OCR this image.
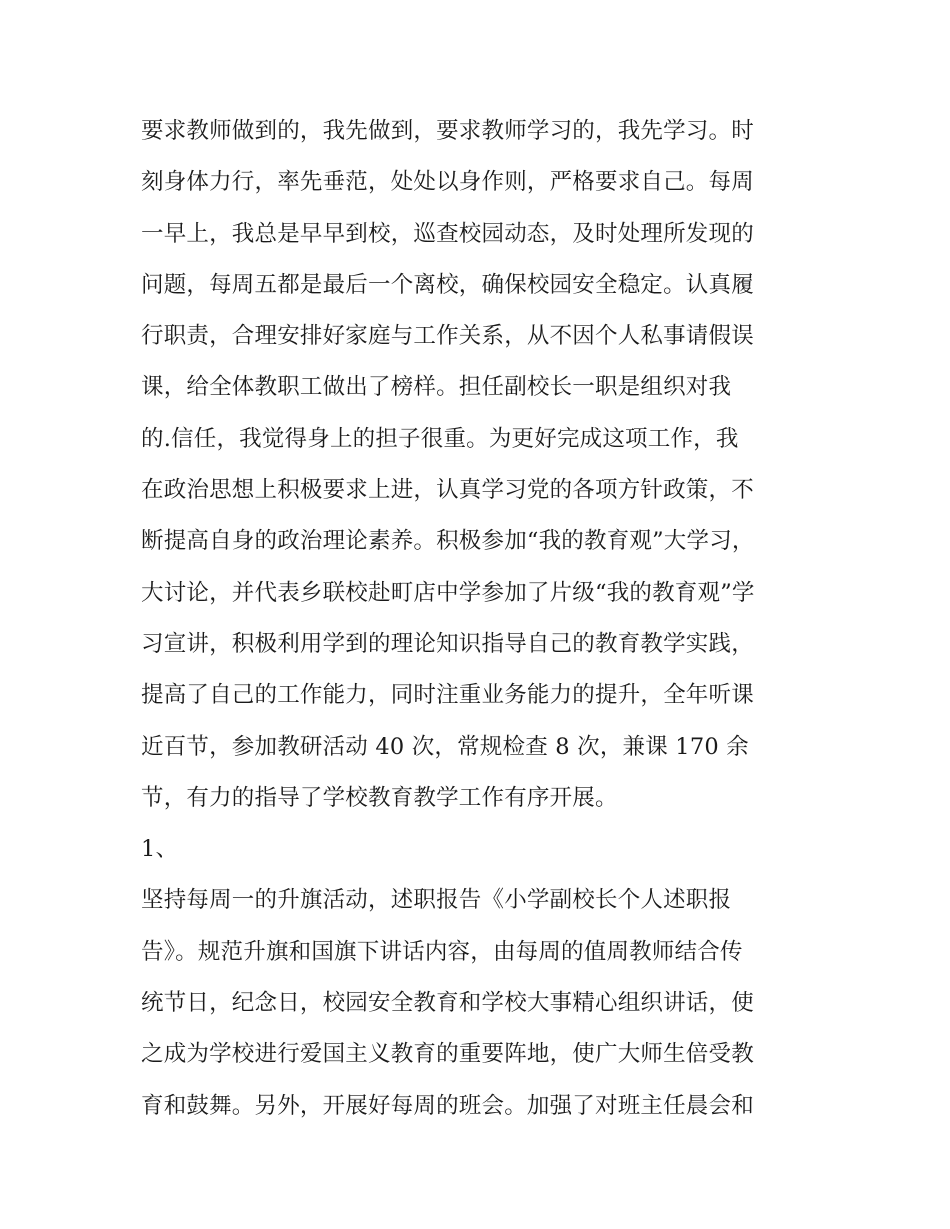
要求教师做到的，我先做到，要求教师学习的，我先学习。时
刻身体力行，率先垂范，处处以身作则，严格要求自己。每周
一早上，我总是早早到校，巡查校园动态，及时处理所发现的
问题，每周五都是最后一个离校，确保校园安全稳定。认真履
行职责，合理安排好家庭与工作关系，从不因个人私事请假误
课，给全体教职工做出了榜样。担任副校长一职是组织对我
的.信任，我觉得身上的担子很重。为更好完成这项工作，我
在政治思想上积极要求上进，认真学习党的各项方针政策，不
断提高自身的政治理论素养。积极参加“我的教育观”大学习，
大讨论，并代表乡联校赴町店中学参加了片级“我的教育观”学
习宣讲，积极利用学到的理论知识指导自己的教育教学实践，
提高了自己的工作能力，同时注重业务能力的提升，全年听课
近百节，参加教研活动 40 次，常规检查 8 次，兼课 170 余
节，有力的指导了学校教育教学工作有序开展。
1、
坚持每周一的升旗活动，述职报告《小学副校长个人述职报
告》。规范升旗和国旗下讲话内容，由每周的值周教师结合传
统节日，纪念日，校园安全教育和学校大事精心组织讲话，使
之成为学校进行爱国主义教育的重要阵地，使广大师生倍受教
育和鼓舞。另外，开展好每周的班会。加强了对班主任晨会和
